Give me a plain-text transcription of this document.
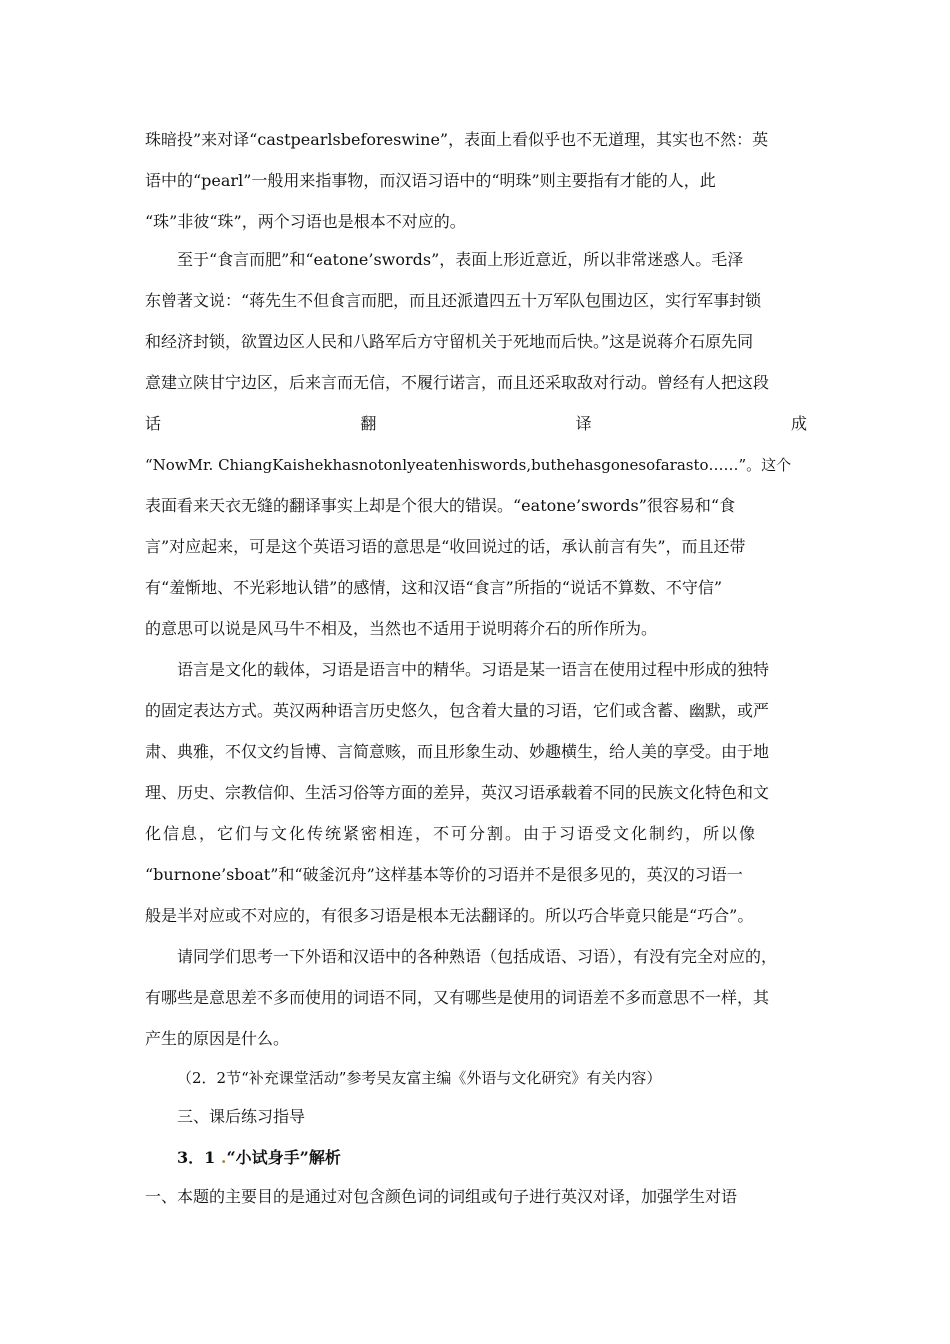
珠暗投”来对译“castpearlsbeforeswine”，表面上看似乎也不无道理，其实也不然：英
语中的“pearl”一般用来指事物，而汉语习语中的“明珠”则主要指有才能的人，此
“珠”非彼“珠”，两个习语也是根本不对应的。
至于“食言而肥”和“eatone’swords”，表面上形近意近，所以非常迷惑人。毛泽
东曾著文说：“蒋先生不但食言而肥，而且还派遣四五十万军队包围边区，实行军事封锁
和经济封锁，欲置边区人民和八路军后方守留机关于死地而后快。”这是说蒋介石原先同
意建立陕甘宁边区，后来言而无信，不履行诺言，而且还采取敌对行动。曾经有人把这段
话	翻	译	成
“NowMr. ChiangKaishekhasnotonlyeatenhiswords,buthehasgonesofarasto……”。这个
表面看来天衣无缝的翻译事实上却是个很大的错误。“eatone’swords”很容易和“食
言”对应起来，可是这个英语习语的意思是“收回说过的话，承认前言有失”，而且还带
有“羞惭地、不光彩地认错”的感情，这和汉语“食言”所指的“说话不算数、不守信”
的意思可以说是风马牛不相及，当然也不适用于说明蒋介石的所作所为。
语言是文化的载体，习语是语言中的精华。习语是某一语言在使用过程中形成的独特
的固定表达方式。英汉两种语言历史悠久，包含着大量的习语，它们或含蓄、幽默，或严
肃、典雅，不仅文约旨博、言简意赅，而且形象生动、妙趣横生，给人美的享受。由于地
理、历史、宗教信仰、生活习俗等方面的差异，英汉习语承载着不同的民族文化特色和文
化信息，它们与文化传统紧密相连，不可分割。由于习语受文化制约，所以像
“burnone’sboat”和“破釜沉舟”这样基本等价的习语并不是很多见的，英汉的习语一
般是半对应或不对应的，有很多习语是根本无法翻译的。所以巧合毕竟只能是“巧合”。
请同学们思考一下外语和汉语中的各种熟语（包括成语、习语），有没有完全对应的，
有哪些是意思差不多而使用的词语不同，又有哪些是使用的词语差不多而意思不一样，其
产生的原因是什么。
（2．2节“补充课堂活动”参考吴友富主编《外语与文化研究》有关内容）
三、课后练习指导
3．1 .“小试身手”解析
一、本题的主要目的是通过对包含颜色词的词组或句子进行英汉对译，加强学生对语
